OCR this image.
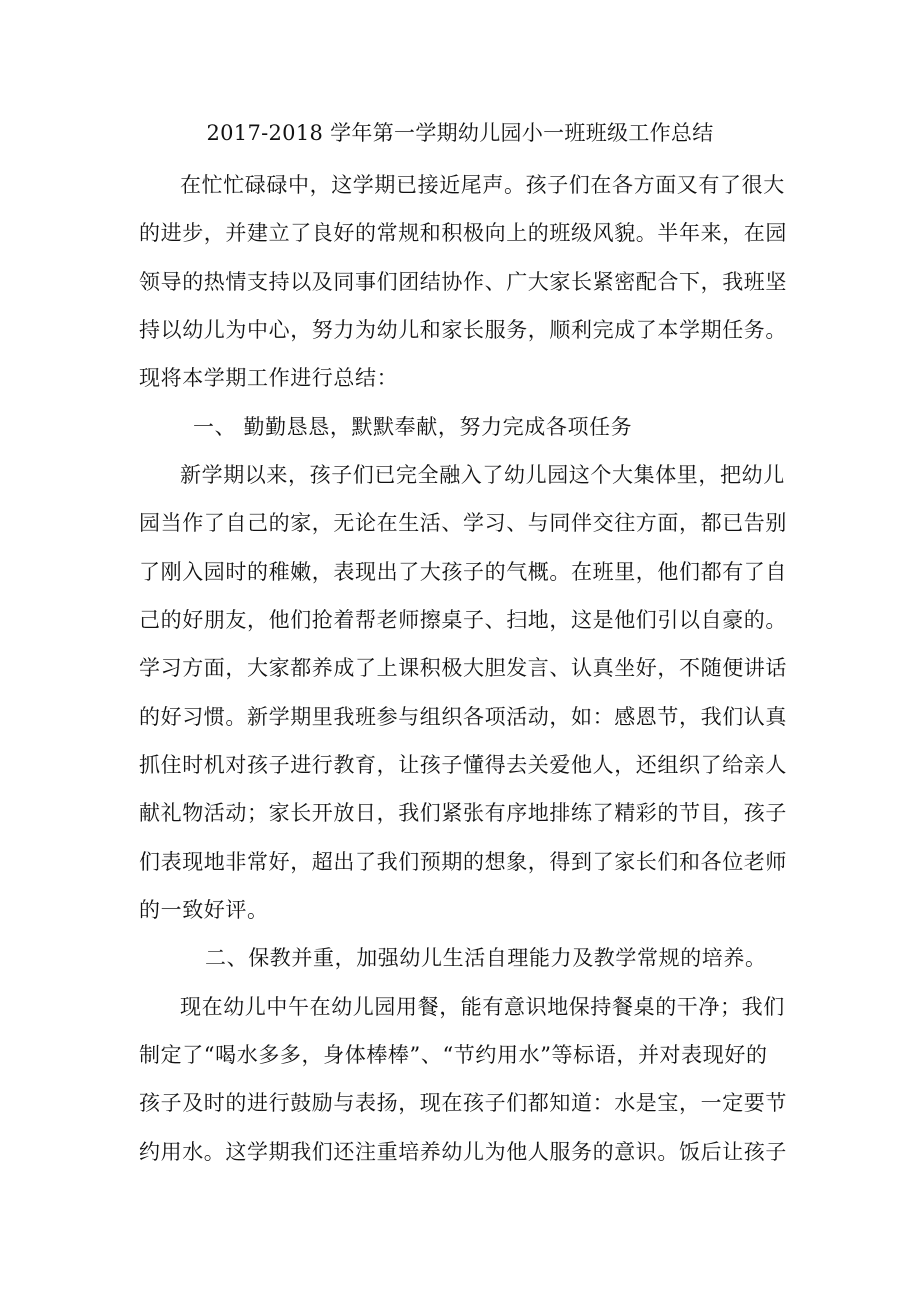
2017-2018 学年第一学期幼儿园小一班班级工作总结
在忙忙碌碌中，这学期已接近尾声。孩子们在各方面又有了很大
的进步，并建立了良好的常规和积极向上的班级风貌。半年来，在园
领导的热情支持以及同事们团结协作、广大家长紧密配合下，我班坚
持以幼儿为中心，努力为幼儿和家长服务，顺利完成了本学期任务。
现将本学期工作进行总结：
一、 勤勤恳恳，默默奉献，努力完成各项任务
新学期以来，孩子们已完全融入了幼儿园这个大集体里，把幼儿
园当作了自己的家，无论在生活、学习、与同伴交往方面，都已告别
了刚入园时的稚嫩，表现出了大孩子的气概。在班里，他们都有了自
己的好朋友，他们抢着帮老师擦桌子、扫地，这是他们引以自豪的。
学习方面，大家都养成了上课积极大胆发言、认真坐好，不随便讲话
的好习惯。新学期里我班参与组织各项活动，如：感恩节，我们认真
抓住时机对孩子进行教育，让孩子懂得去关爱他人，还组织了给亲人
献礼物活动；家长开放日，我们紧张有序地排练了精彩的节目，孩子
们表现地非常好，超出了我们预期的想象，得到了家长们和各位老师
的一致好评。
二、保教并重，加强幼儿生活自理能力及教学常规的培养。
现在幼儿中午在幼儿园用餐，能有意识地保持餐桌的干净；我们
制定了“喝水多多，身体棒棒”、“节约用水”等标语，并对表现好的
孩子及时的进行鼓励与表扬，现在孩子们都知道：水是宝，一定要节
约用水。这学期我们还注重培养幼儿为他人服务的意识。饭后让孩子
